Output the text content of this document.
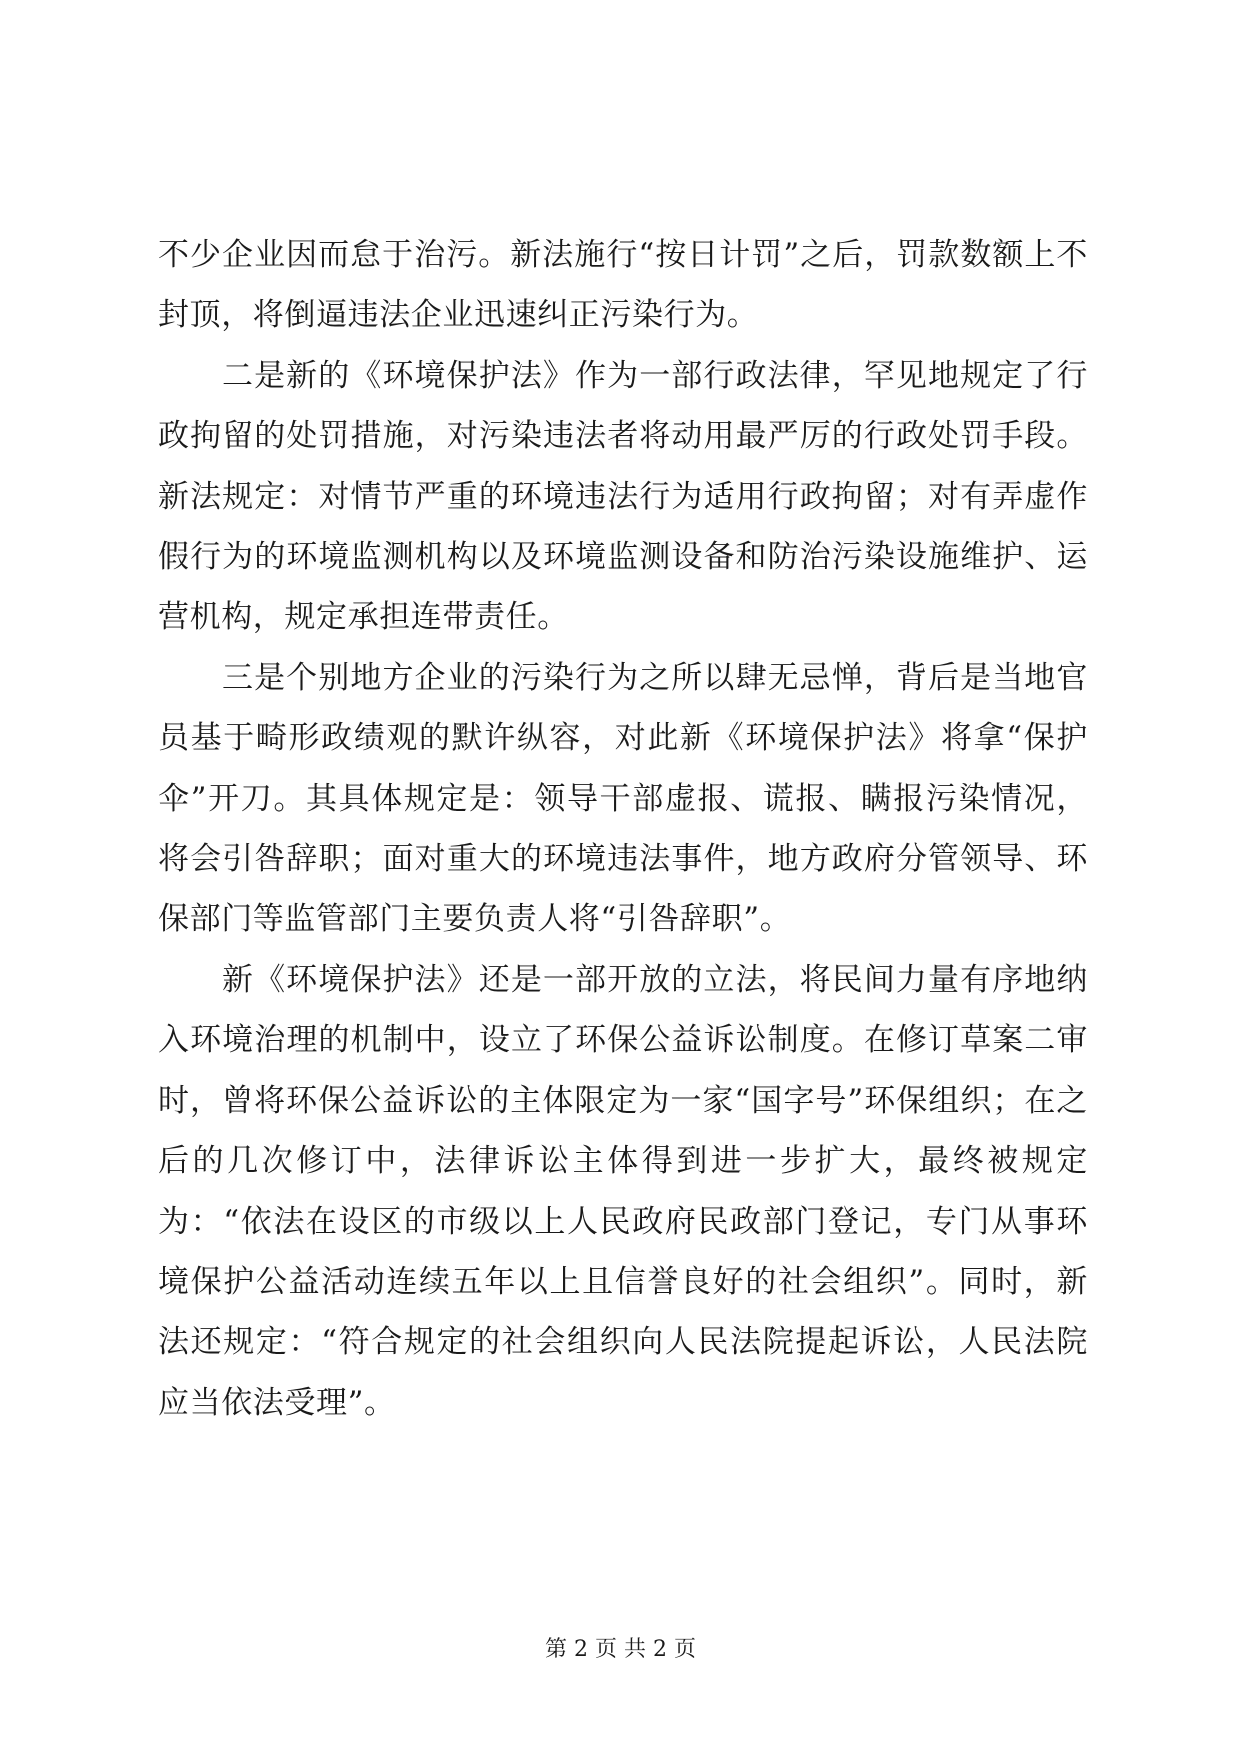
不少企业因而怠于治污。新法施行“按日计罚”之后，罚款数额上不封顶，将倒逼违法企业迅速纠正污染行为。

二是新的《环境保护法》作为一部行政法律，罕见地规定了行政拘留的处罚措施，对污染违法者将动用最严厉的行政处罚手段。新法规定：对情节严重的环境违法行为适用行政拘留；对有弄虚作假行为的环境监测机构以及环境监测设备和防治污染设施维护、运营机构，规定承担连带责任。

三是个别地方企业的污染行为之所以肆无忌惮，背后是当地官员基于畸形政绩观的默许纵容，对此新《环境保护法》将拿“保护伞”开刀。其具体规定是：领导干部虚报、谎报、瞒报污染情况，将会引咎辞职；面对重大的环境违法事件，地方政府分管领导、环保部门等监管部门主要负责人将“引咎辞职”。

新《环境保护法》还是一部开放的立法，将民间力量有序地纳入环境治理的机制中，设立了环保公益诉讼制度。在修订草案二审时，曾将环保公益诉讼的主体限定为一家“国字号”环保组织；在之后的几次修订中，法律诉讼主体得到进一步扩大，最终被规定为：“依法在设区的市级以上人民政府民政部门登记，专门从事环境保护公益活动连续五年以上且信誉良好的社会组织”。同时，新法还规定：“符合规定的社会组织向人民法院提起诉讼，人民法院应当依法受理”。

第 2 页 共 2 页
